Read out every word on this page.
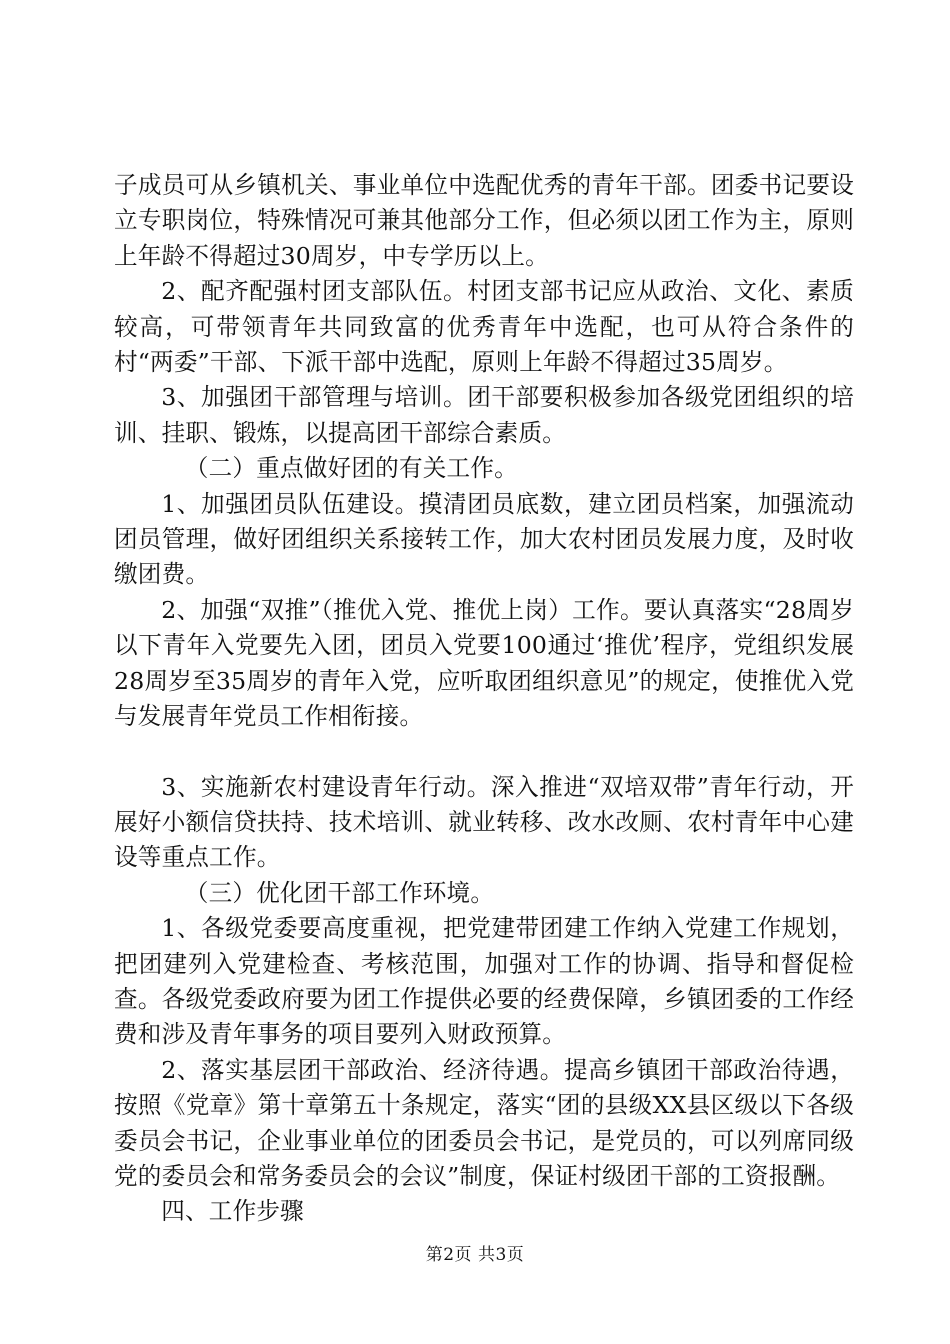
子成员可从乡镇机关、事业单位中选配优秀的青年干部。团委书记要设立专职岗位，特殊情况可兼其他部分工作，但必须以团工作为主，原则上年龄不得超过30周岁，中专学历以上。

2、配齐配强村团支部队伍。村团支部书记应从政治、文化、素质较高，可带领青年共同致富的优秀青年中选配，也可从符合条件的村“两委”干部、下派干部中选配，原则上年龄不得超过35周岁。

3、加强团干部管理与培训。团干部要积极参加各级党团组织的培训、挂职、锻炼，以提高团干部综合素质。

（二）重点做好团的有关工作。

1、加强团员队伍建设。摸清团员底数，建立团员档案，加强流动团员管理，做好团组织关系接转工作，加大农村团员发展力度，及时收缴团费。

2、加强“双推”（推优入党、推优上岗）工作。要认真落实“28周岁以下青年入党要先入团，团员入党要100通过‘推优’程序，党组织发展28周岁至35周岁的青年入党，应听取团组织意见”的规定，使推优入党与发展青年党员工作相衔接。

3、实施新农村建设青年行动。深入推进“双培双带”青年行动，开展好小额信贷扶持、技术培训、就业转移、改水改厕、农村青年中心建设等重点工作。

（三）优化团干部工作环境。

1、各级党委要高度重视，把党建带团建工作纳入党建工作规划，把团建列入党建检查、考核范围，加强对工作的协调、指导和督促检查。各级党委政府要为团工作提供必要的经费保障，乡镇团委的工作经费和涉及青年事务的项目要列入财政预算。

2、落实基层团干部政治、经济待遇。提高乡镇团干部政治待遇，按照《党章》第十章第五十条规定，落实“团的县级XX县区级以下各级委员会书记，企业事业单位的团委员会书记，是党员的，可以列席同级党的委员会和常务委员会的会议”制度，保证村级团干部的工资报酬。

四、工作步骤

第2页 共3页
